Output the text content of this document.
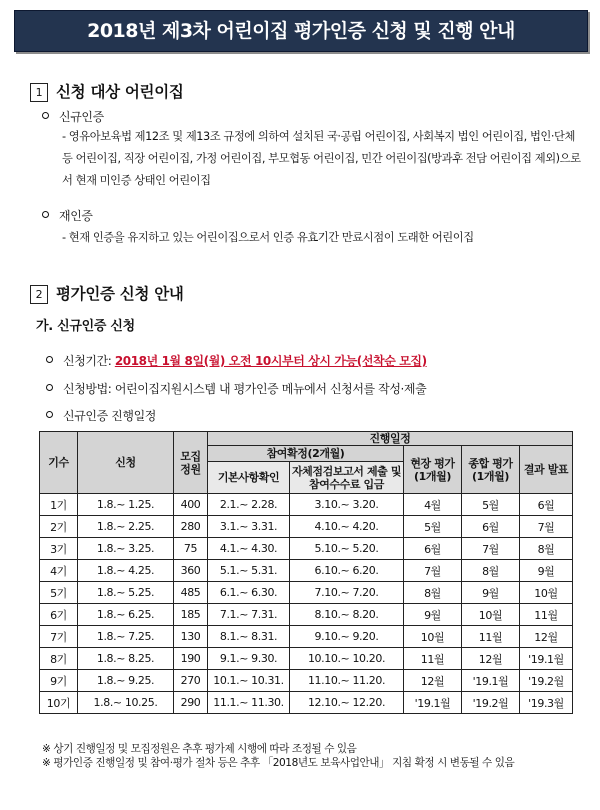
2018년 제3차 어린이집 평가인증 신청 및 진행 안내
1 신청 대상 어린이집
신규인증
- 영유아보육법 제12조 및 제13조 규정에 의하여 설치된 국·공립 어린이집, 사회복지 법인 어린이집, 법인·단체 등 어린이집, 직장 어린이집, 가정 어린이집, 부모협동 어린이집, 민간 어린이집(방과후 전담 어린이집 제외)으로서 현재 미인증 상태인 어린이집
재인증
- 현재 인증을 유지하고 있는 어린이집으로서 인증 유효기간 만료시점이 도래한 어린이집
2 평가인증 신청 안내
가. 신규인증 신청
신청기간: 2018년 1월 8일(월) 오전 10시부터 상시 가능(선착순 모집)
신청방법: 어린이집지원시스템 내 평가인증 메뉴에서 신청서를 작성·제출
신규인증 진행일정
기수	신청	모집 정원	진행일정				
			참여확정(2개월)		현장 평가 (1개월)	종합 평가 (1개월)	결과 발표
			기본사항확인	자체점검보고서 제출 및 참여수수료 입금			
1기	1.8.~ 1.25.	400	2.1.~ 2.28.	3.10.~ 3.20.	4월	5월	6월
2기	1.8.~ 2.25.	280	3.1.~ 3.31.	4.10.~ 4.20.	5월	6월	7월
3기	1.8.~ 3.25.	75	4.1.~ 4.30.	5.10.~ 5.20.	6월	7월	8월
4기	1.8.~ 4.25.	360	5.1.~ 5.31.	6.10.~ 6.20.	7월	8월	9월
5기	1.8.~ 5.25.	485	6.1.~ 6.30.	7.10.~ 7.20.	8월	9월	10월
6기	1.8.~ 6.25.	185	7.1.~ 7.31.	8.10.~ 8.20.	9월	10월	11월
7기	1.8.~ 7.25.	130	8.1.~ 8.31.	9.10.~ 9.20.	10월	11월	12월
8기	1.8.~ 8.25.	190	9.1.~ 9.30.	10.10.~ 10.20.	11월	12월	'19.1월
9기	1.8.~ 9.25.	270	10.1.~ 10.31.	11.10.~ 11.20.	12월	'19.1월	'19.2월
10기	1.8.~ 10.25.	290	11.1.~ 11.30.	12.10.~ 12.20.	'19.1월	'19.2월	'19.3월
※ 상기 진행일정 및 모집정원은 추후 평가제 시행에 따라 조정될 수 있음
※ 평가인증 진행일정 및 참여·평가 절차 등은 추후 「2018년도 보육사업안내」 지침 확정 시 변동될 수 있음
